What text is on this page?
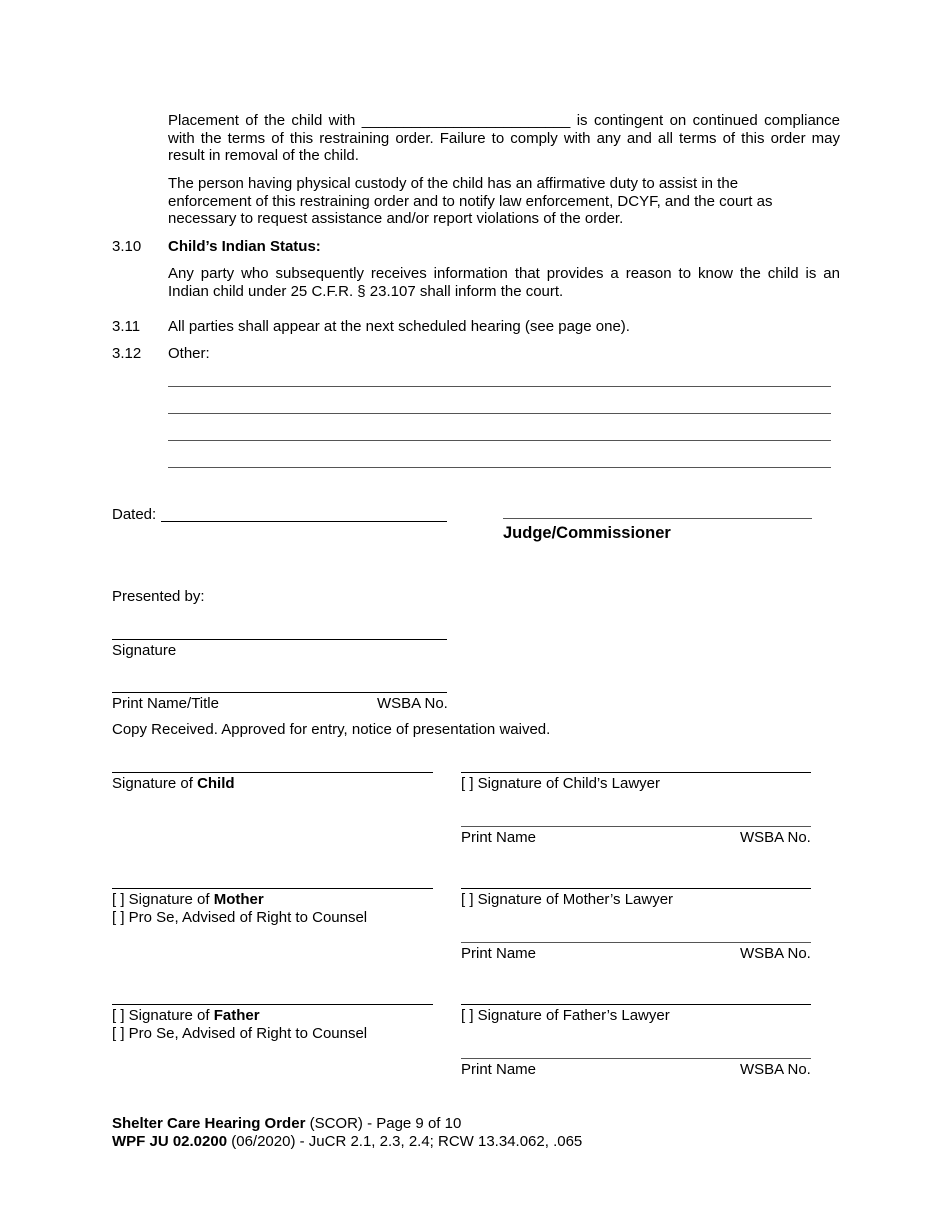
Placement of the child with _________________________ is contingent on continued compliance with the terms of this restraining order. Failure to comply with any and all terms of this order may result in removal of the child.
The person having physical custody of the child has an affirmative duty to assist in the enforcement of this restraining order and to notify law enforcement, DCYF, and the court as necessary to request assistance and/or report violations of the order.
3.10 Child’s Indian Status:
Any party who subsequently receives information that provides a reason to know the child is an Indian child under 25 C.F.R. § 23.107 shall inform the court.
3.11 All parties shall appear at the next scheduled hearing (see page one).
3.12 Other:
Dated:
Judge/Commissioner
Presented by:
Signature
Print Name/Title	WSBA No.
Copy Received. Approved for entry, notice of presentation waived.
Signature of Child	[ ] Signature of Child’s Lawyer
Print Name	WSBA No.
[ ] Signature of Mother
[ ] Pro Se, Advised of Right to Counsel
[ ] Signature of Mother’s Lawyer
Print Name	WSBA No.
[ ] Signature of Father
[ ] Pro Se, Advised of Right to Counsel
[ ] Signature of Father’s Lawyer
Print Name	WSBA No.
Shelter Care Hearing Order (SCOR) - Page 9 of 10
WPF JU 02.0200 (06/2020) - JuCR 2.1, 2.3, 2.4; RCW 13.34.062, .065
